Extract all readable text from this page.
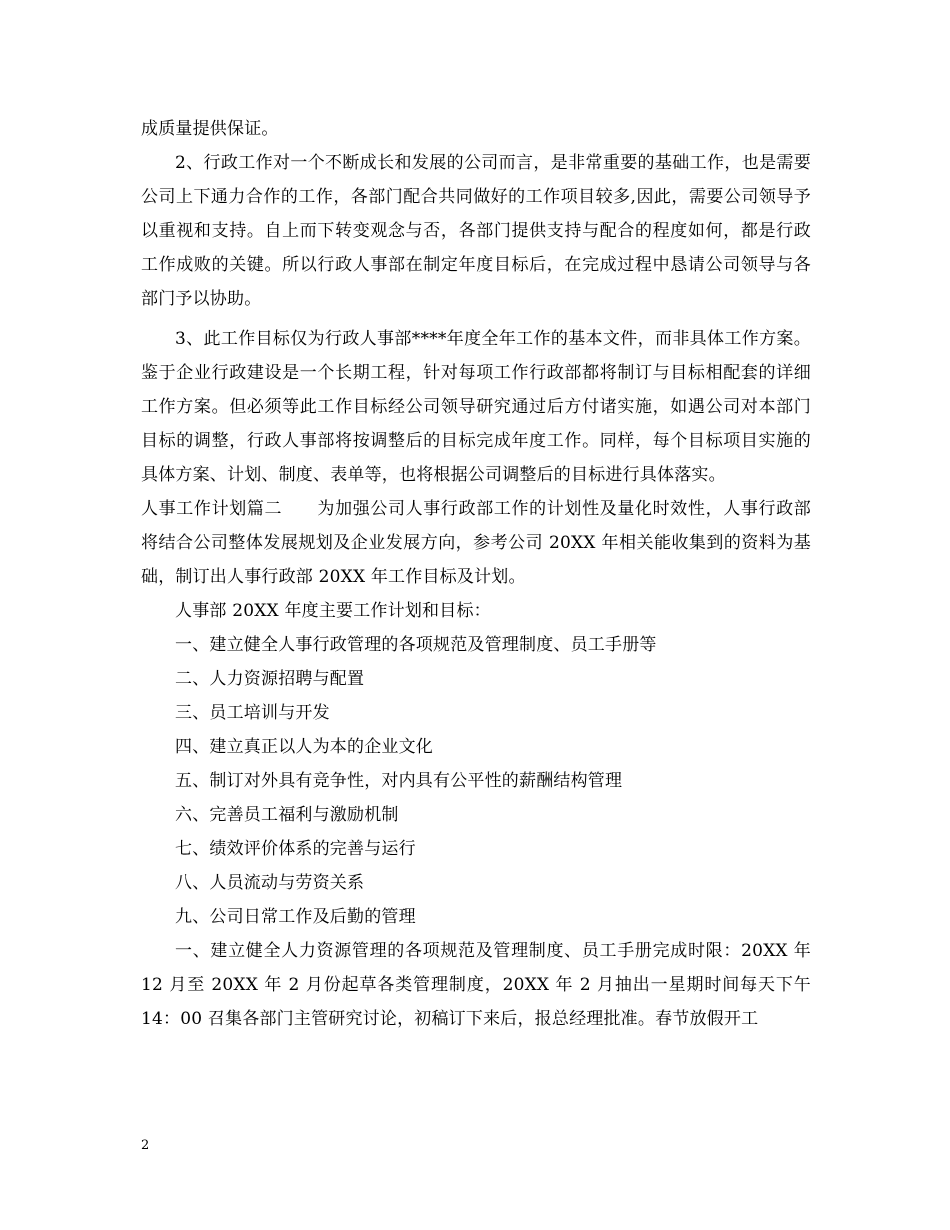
成质量提供保证。

2、行政工作对一个不断成长和发展的公司而言，是非常重要的基础工作，也是需要公司上下通力合作的工作，各部门配合共同做好的工作项目较多,因此，需要公司领导予以重视和支持。自上而下转变观念与否，各部门提供支持与配合的程度如何，都是行政工作成败的关键。所以行政人事部在制定年度目标后，在完成过程中恳请公司领导与各部门予以协助。

3、此工作目标仅为行政人事部****年度全年工作的基本文件，而非具体工作方案。鉴于企业行政建设是一个长期工程，针对每项工作行政部都将制订与目标相配套的详细工作方案。但必须等此工作目标经公司领导研究通过后方付诸实施，如遇公司对本部门目标的调整，行政人事部将按调整后的目标完成年度工作。同样，每个目标项目实施的具体方案、计划、制度、表单等，也将根据公司调整后的目标进行具体落实。

人事工作计划篇二　　为加强公司人事行政部工作的计划性及量化时效性，人事行政部将结合公司整体发展规划及企业发展方向，参考公司 20XX 年相关能收集到的资料为基础，制订出人事行政部 20XX 年工作目标及计划。

人事部 20XX 年度主要工作计划和目标：

一、建立健全人事行政管理的各项规范及管理制度、员工手册等

二、人力资源招聘与配置

三、员工培训与开发

四、建立真正以人为本的企业文化

五、制订对外具有竞争性，对内具有公平性的薪酬结构管理

六、完善员工福利与激励机制

七、绩效评价体系的完善与运行

八、人员流动与劳资关系

九、公司日常工作及后勤的管理

一、建立健全人力资源管理的各项规范及管理制度、员工手册完成时限：20XX 年 12 月至 20XX 年 2 月份起草各类管理制度，20XX 年 2 月抽出一星期时间每天下午 14：00 召集各部门主管研究讨论，初稿订下来后，报总经理批准。春节放假开工

2
